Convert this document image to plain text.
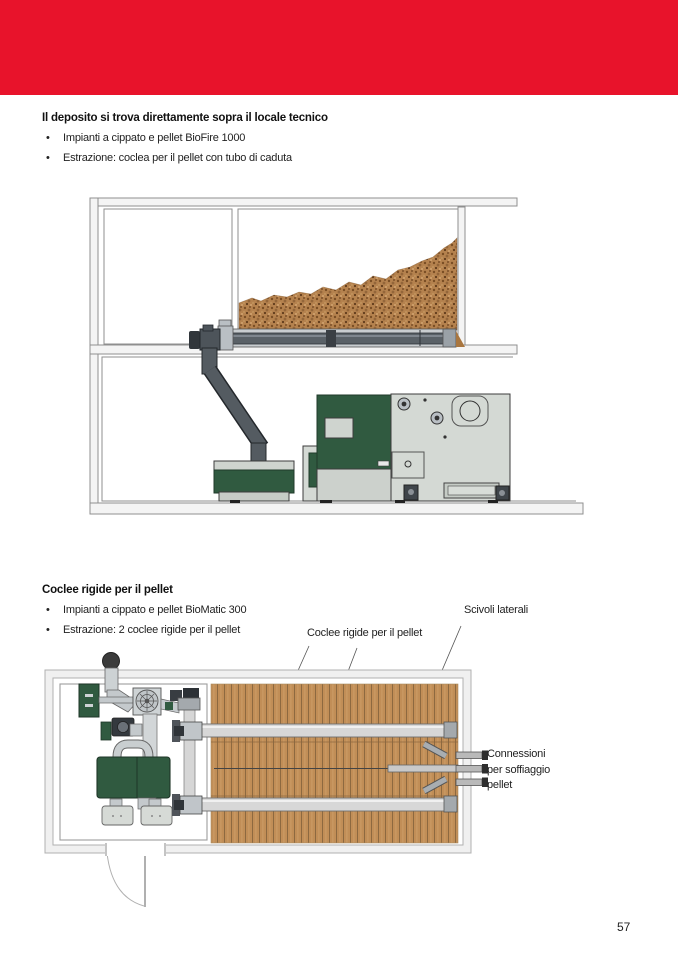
Il deposito si trova direttamente sopra il locale tecnico
•Impianti a cippato e pellet BioFire 1000
•Estrazione: coclea per il pellet con tubo di caduta
Coclee rigide per il pellet
•Impianti a cippato e pellet BioMatic 300
•Estrazione: 2 coclee rigide per il pellet	Coclee rigide per il pellet
Scivoli laterali
Connessioni per soffiaggio pellet
57
